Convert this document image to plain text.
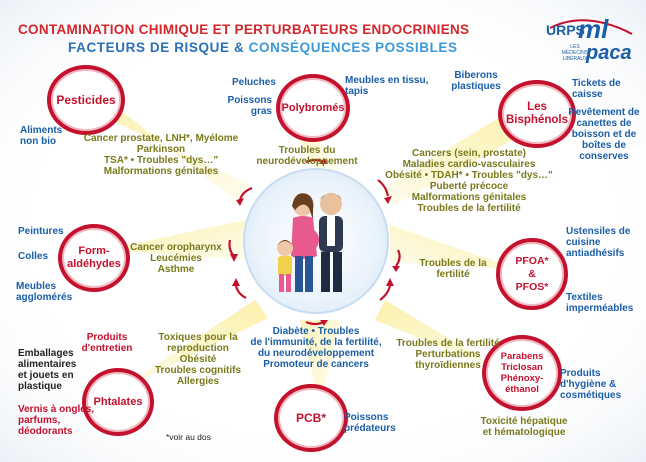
CONTAMINATION CHIMIQUE ET PERTURBATEURS ENDOCRINIENS
FACTEURS DE RISQUE & CONSÉQUENCES POSSIBLES
URPS
ml
LES MÉDECINS LIBÉRAUX
paca
Pesticides
Aliments non bio	Cancer prostate, LNH*, Myélome
Parkinson
TSA* • Troubles "dys…"
Malformations génitales
Polybromés
Peluches
Poissons gras
Meubles en tissu, tapis
Troubles du neurodéveloppement
Les Bisphénols
Biberons plastiques	Tickets de caisse
Revêtement de canettes de boisson et de boîtes de conserves
Cancers (sein, prostate)
Maladies cardio-vasculaires
Obésité • TDAH* • Troubles "dys…"
Puberté précoce
Malformations génitales
Troubles de la fertilité
Form-aldéhydes
Peintures
Colles
Meubles agglomérés
Cancer oropharynx
Leucémies
Asthme
PFOA* & PFOS*
Ustensiles de cuisine antiadhésifs
Textiles imperméables
Troubles de la fertilité
Phtalates
Produits d'entretien
Emballages alimentaires et jouets en plastique
Vernis à ongles, parfums, déodorants
Toxiques pour la reproduction
Obésité
Troubles cognitifs
Allergies
PCB* Poissons prédateurs
Diabète • Troubles
de l'immunité, de la fertilité,
du neurodéveloppement
Promoteur de cancers
Parabens Triclosan Phénoxy-éthanol
Produits d'hygiène & cosmétiques
Troubles de la fertilité
Perturbations
thyroïdiennes
Toxicité hépatique et hématologique
*voir au dos
